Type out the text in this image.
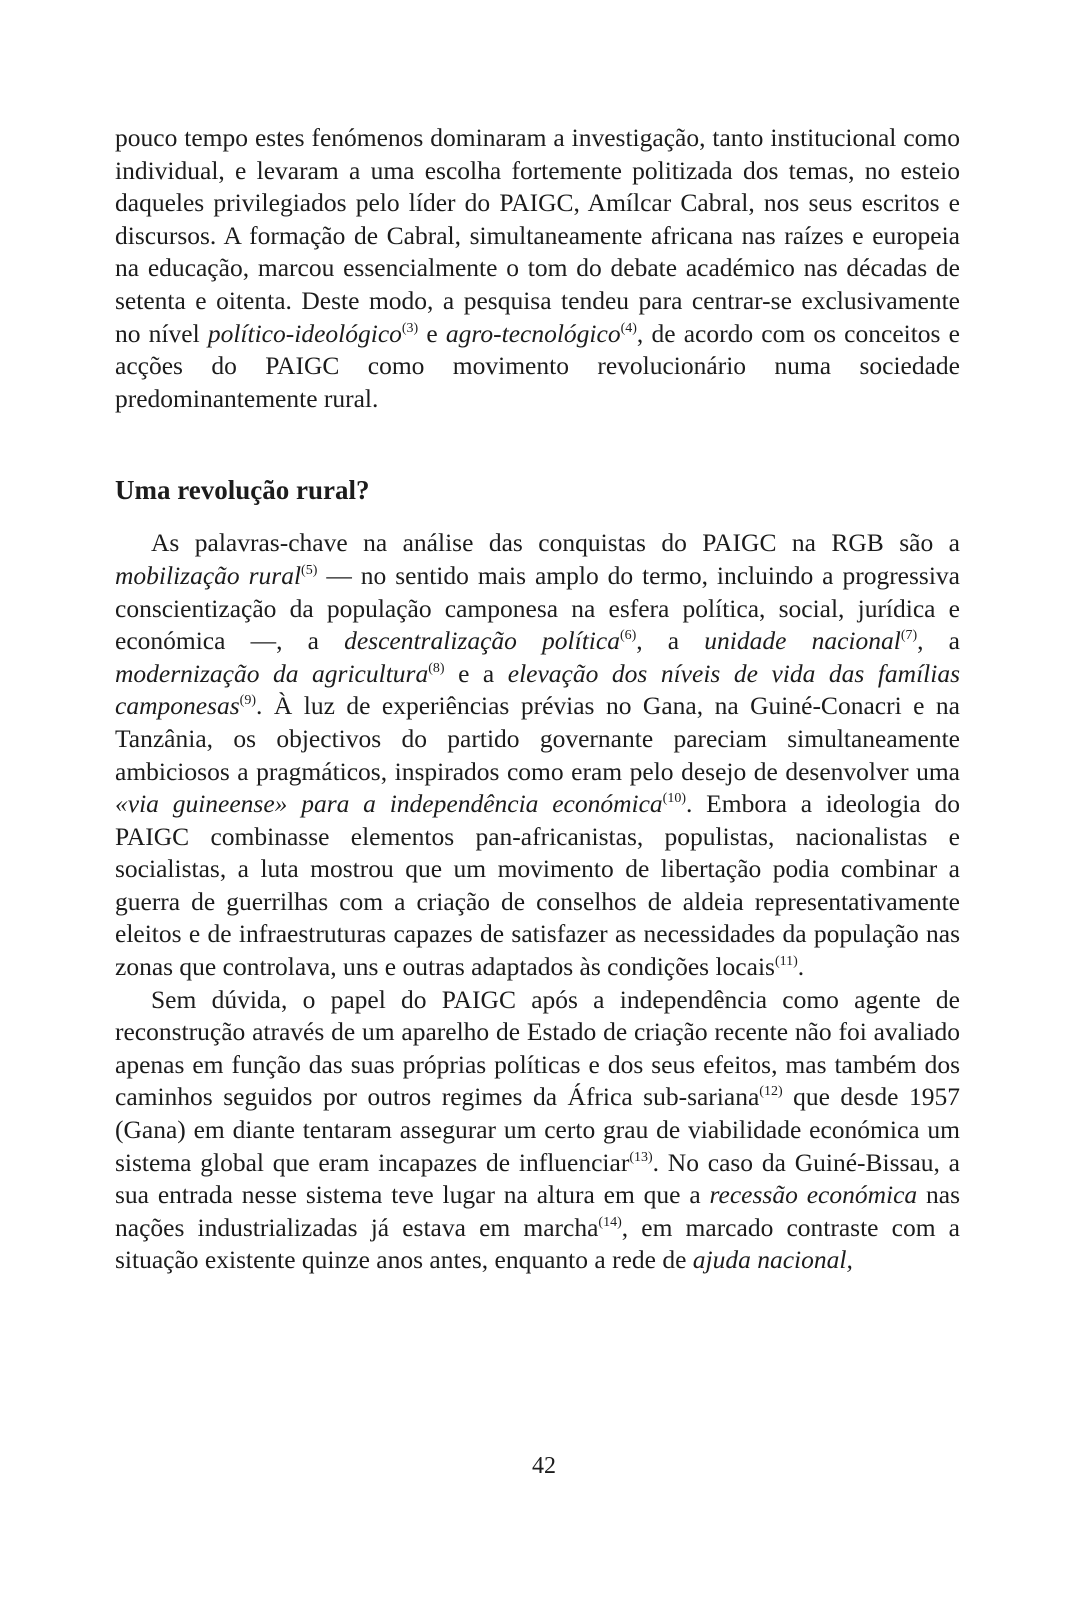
pouco tempo estes fenómenos dominaram a investigação, tanto institucional como individual, e levaram a uma escolha fortemente politizada dos temas, no esteio daqueles privilegiados pelo líder do PAIGC, Amílcar Cabral, nos seus escritos e discursos. A formação de Cabral, simultaneamente africana nas raízes e europeia na educação, marcou essencialmente o tom do debate académico nas décadas de setenta e oitenta. Deste modo, a pesquisa tendeu para centrar-se exclusivamente no nível político-ideológico$^{(3)}$ e agro-tecnológico$^{(4)}$, de acordo com os conceitos e acções do PAIGC como movimento revolucionário numa sociedade predominantemente rural.

Uma revolução rural?

As palavras-chave na análise das conquistas do PAIGC na RGB são a mobilização rural$^{(5)}$ — no sentido mais amplo do termo, incluindo a progressiva conscientização da população camponesa na esfera política, social, jurídica e económica —, a descentralização política$^{(6)}$, a unidade nacional$^{(7)}$, a modernização da agricultura$^{(8)}$ e a elevação dos níveis de vida das famílias camponesas$^{(9)}$. À luz de experiências prévias no Gana, na Guiné-Conacri e na Tanzânia, os objectivos do partido governante pareciam simultaneamente ambiciosos a pragmáticos, inspirados como eram pelo desejo de desenvolver uma «via guineense» para a independência económica$^{(10)}$. Embora a ideologia do PAIGC combinasse elementos pan-africanistas, populistas, nacionalistas e socialistas, a luta mostrou que um movimento de libertação podia combinar a guerra de guerrilhas com a criação de conselhos de aldeia representativamente eleitos e de infraestruturas capazes de satisfazer as necessidades da população nas zonas que controlava, uns e outras adaptados às condições locais$^{(11)}$.

Sem dúvida, o papel do PAIGC após a independência como agente de reconstrução através de um aparelho de Estado de criação recente não foi avaliado apenas em função das suas próprias políticas e dos seus efeitos, mas também dos caminhos seguidos por outros regimes da África sub-sariana$^{(12)}$ que desde 1957 (Gana) em diante tentaram assegurar um certo grau de viabilidade económica um sistema global que eram incapazes de influenciar$^{(13)}$. No caso da Guiné-Bissau, a sua entrada nesse sistema teve lugar na altura em que a recessão económica nas nações industrializadas já estava em marcha$^{(14)}$, em marcado contraste com a situação existente quinze anos antes, enquanto a rede de ajuda nacional,

42
